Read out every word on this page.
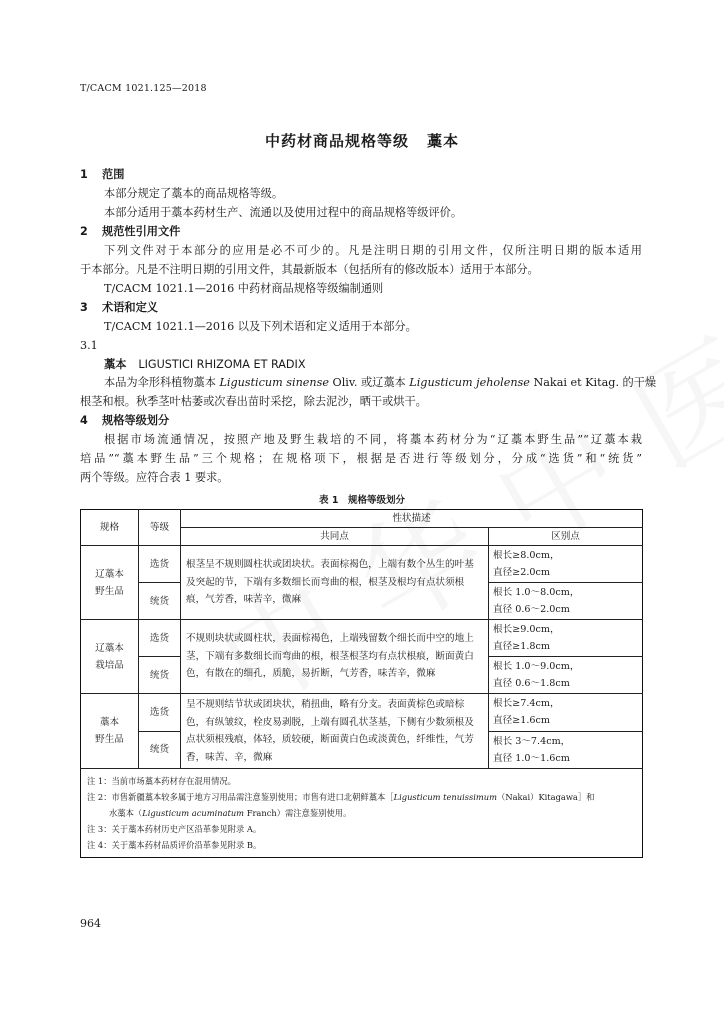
T/CACM 1021.125—2018
中药材商品规格等级 藁本
1 范围
本部分规定了藁本的商品规格等级。
本部分适用于藁本药材生产、流通以及使用过程中的商品规格等级评价。
2 规范性引用文件
下列文件对于本部分的应用是必不可少的。凡是注明日期的引用文件，仅所注明日期的版本适用
于本部分。凡是不注明日期的引用文件，其最新版本（包括所有的修改版本）适用于本部分。
T/CACM 1021.1—2016 中药材商品规格等级编制通则
3 术语和定义
T/CACM 1021.1—2016 以及下列术语和定义适用于本部分。
3.1
藁本 LIGUSTICI RHIZOMA ET RADIX
本品为伞形科植物藁本 Ligusticum sinense Oliv. 或辽藁本 Ligusticum jeholense Nakai et Kitag. 的干燥
根茎和根。秋季茎叶枯萎或次春出苗时采挖，除去泥沙，晒干或烘干。
4 规格等级划分
根据市场流通情况，按照产地及野生栽培的不同，将藁本药材分为“辽藁本野生品”“辽藁本栽
培品”“藁本野生品”三个规格；在规格项下，根据是否进行等级划分，分成“选货”和“统货”
两个等级。应符合表 1 要求。
表 1　规格等级划分
规格	等级	性状描述	
		共同点	区别点
辽藁本
野生品	选货	根茎呈不规则圆柱状或团块状。表面棕褐色，上端有数个丛生的叶基及突起的节，下端有多数细长而弯曲的根，根茎及根均有点状须根痕，气芳香，味苦辛，微麻	根长≥8.0cm，
直径≥2.0cm
	统货		根长 1.0～8.0cm，
直径 0.6～2.0cm
辽藁本
栽培品	选货	不规则块状或圆柱状，表面棕褐色，上端残留数个细长而中空的地上茎，下端有多数细长而弯曲的根，根茎根茎均有点状根痕，断面黄白色，有散在的细孔，质脆，易折断，气芳香，味苦辛，微麻	根长≥9.0cm，
直径≥1.8cm
	统货		根长 1.0～9.0cm，
直径 0.6～1.8cm
藁本
野生品	选货	呈不规则结节状或团块状，稍扭曲，略有分支。表面黄棕色或暗棕色，有纵皱纹，栓皮易剥脱，上端有圆孔状茎基，下侧有少数须根及点状须根残痕，体轻，质较硬，断面黄白色或淡黄色，纤维性，气芳香，味苦、辛，微麻	根长≥7.4cm，
直径≥1.6cm
	统货		根长 3～7.4cm，
直径 1.0～1.6cm

注 1：当前市场藁本药材存在混用情况。
注 2：市售新疆藁本较多属于地方习用品需注意鉴别使用；市售有进口北朝鲜藁本［Ligusticum tenuissimum（Nakai）Kitagawa］和
水藁本（Ligusticum acuminatum Franch）需注意鉴别使用。
注 3：关于藁本药材历史产区沿革参见附录 A。
注 4：关于藁本药材品质评价沿革参见附录 B。			
964
